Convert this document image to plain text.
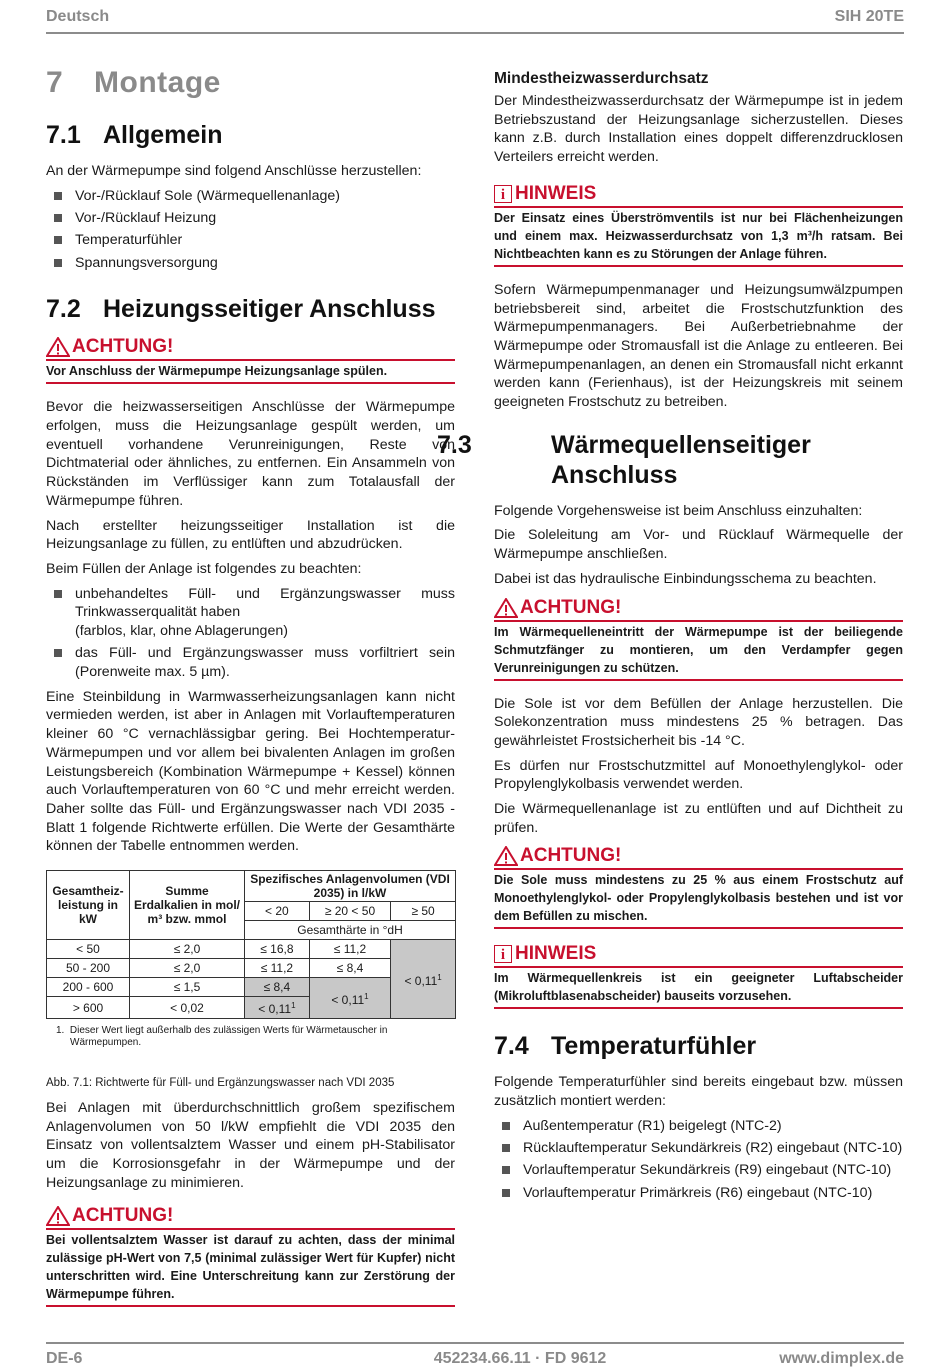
Deutsch	SIH 20TE
7 Montage
7.1 Allgemein

An der Wärmepumpe sind folgend Anschlüsse herzustellen:

Vor-/Rücklauf Sole (Wärmequellenanlage)
Vor-/Rücklauf Heizung
Temperaturfühler
Spannungsversorgung
7.2 Heizungsseitiger Anschluss
ACHTUNG!
Vor Anschluss der Wärmepumpe Heizungsanlage spülen.

Bevor die heizwasserseitigen Anschlüsse der Wärmepumpe erfolgen, muss die Heizungsanlage gespült werden, um eventuell vorhandene Verunreinigungen, Reste von Dichtmaterial oder ähnliches, zu entfernen. Ein Ansammeln von Rückständen im Verflüssiger kann zum Totalausfall der Wärmepumpe führen.

Nach erstellter heizungsseitiger Installation ist die Heizungsanlage zu füllen, zu entlüften und abzudrücken.

Beim Füllen der Anlage ist folgendes zu beachten:

unbehandeltes Füll- und Ergänzungswasser muss Trinkwasserqualität haben
(farblos, klar, ohne Ablagerungen)
das Füll- und Ergänzungswasser muss vorfiltriert sein (Porenweite max. 5 µm).

Eine Steinbildung in Warmwasserheizungsanlagen kann nicht vermieden werden, ist aber in Anlagen mit Vorlauftemperaturen kleiner 60 °C vernachlässigbar gering. Bei Hochtemperatur-Wärmepumpen und vor allem bei bivalenten Anlagen im großen Leistungsbereich (Kombination Wärmepumpe + Kessel) können auch Vorlauftemperaturen von 60 °C und mehr erreicht werden. Daher sollte das Füll- und Ergänzungswasser nach VDI 2035 - Blatt 1 folgende Richtwerte erfüllen. Die Werte der Gesamthärte können der Tabelle entnommen werden.

Gesamtheiz-leistung in kW	Summe Erdalkalien in mol/ m³ bzw. mmol	Spezifisches Anlagenvolumen (VDI 2035) in l/kW		
		< 20	≥ 20 < 50	≥ 50
		Gesamthärte in °dH		
< 50	≤ 2,0	≤ 16,8	≤ 11,2	< $0,11^1$
50 - 200	≤ 2,0	≤ 11,2	≤ 8,4	
200 - 600	≤ 1,5	≤ 8,4	< $0,11^1$
> 600	< 0,02	< $0,11^1$
1. Dieser Wert liegt außerhalb des zulässigen Werts für Wärmetauscher in Wärmepumpen.
Abb. 7.1: Richtwerte für Füll- und Ergänzungswasser nach VDI 2035

Bei Anlagen mit überdurchschnittlich großem spezifischem Anlagenvolumen von 50 l/kW empfiehlt die VDI 2035 den Einsatz von vollentsalztem Wasser und einem pH-Stabilisator um die Korrosionsgefahr in der Wärmepumpe und der Heizungsanlage zu minimieren.

ACHTUNG!
Bei vollentsalztem Wasser ist darauf zu achten, dass der minimal zulässige pH-Wert von 7,5 (minimal zulässiger Wert für Kupfer) nicht unterschritten wird. Eine Unterschreitung kann zur Zerstörung der Wärmepumpe führen.
Mindestheizwasserdurchsatz

Der Mindestheizwasserdurchsatz der Wärmepumpe ist in jedem Betriebszustand der Heizungsanlage sicherzustellen. Dieses kann z.B. durch Installation eines doppelt differenzdrucklosen Verteilers erreicht werden.

i HINWEIS
Der Einsatz eines Überströmventils ist nur bei Flächenheizungen und einem max. Heizwasserdurchsatz von 1,3 m³/h ratsam. Bei Nichtbeachten kann es zu Störungen der Anlage führen.

Sofern Wärmepumpenmanager und Heizungsumwälzpumpen betriebsbereit sind, arbeitet die Frostschutzfunktion des Wärmepumpenmanagers. Bei Außerbetriebnahme der Wärmepumpe oder Stromausfall ist die Anlage zu entleeren. Bei Wärmepumpenanlagen, an denen ein Stromausfall nicht erkannt werden kann (Ferienhaus), ist der Heizungskreis mit seinem geeigneten Frostschutz zu betreiben.

7.3	Wärmequellenseitiger
Anschluss

Folgende Vorgehensweise ist beim Anschluss einzuhalten:

Die Soleleitung am Vor- und Rücklauf Wärmequelle der Wärmepumpe anschließen.

Dabei ist das hydraulische Einbindungsschema zu beachten.

ACHTUNG!
Im Wärmequelleneintritt der Wärmepumpe ist der beiliegende Schmutzfänger zu montieren, um den Verdampfer gegen Verunreinigungen zu schützen.

Die Sole ist vor dem Befüllen der Anlage herzustellen. Die Solekonzentration muss mindestens 25 % betragen. Das gewährleistet Frostsicherheit bis -14 °C.

Es dürfen nur Frostschutzmittel auf Monoethylenglykol- oder Propylenglykolbasis verwendet werden.

Die Wärmequellenanlage ist zu entlüften und auf Dichtheit zu prüfen.

ACHTUNG!
Die Sole muss mindestens zu 25 % aus einem Frostschutz auf Monoethylenglykol- oder Propylenglykolbasis bestehen und ist vor dem Befüllen zu mischen.
i HINWEIS
Im Wärmequellenkreis ist ein geeigneter Luftabscheider (Mikroluftblasenabscheider) bauseits vorzusehen.
7.4 Temperaturfühler

Folgende Temperaturfühler sind bereits eingebaut bzw. müssen zusätzlich montiert werden:

Außentemperatur (R1) beigelegt (NTC-2)
Rücklauftemperatur Sekundärkreis (R2) eingebaut (NTC-10)
Vorlauftemperatur Sekundärkreis (R9) eingebaut (NTC-10)
Vorlauftemperatur Primärkreis (R6) eingebaut (NTC-10)
DE-6	452234.66.11 · FD 9612	www.dimplex.de
